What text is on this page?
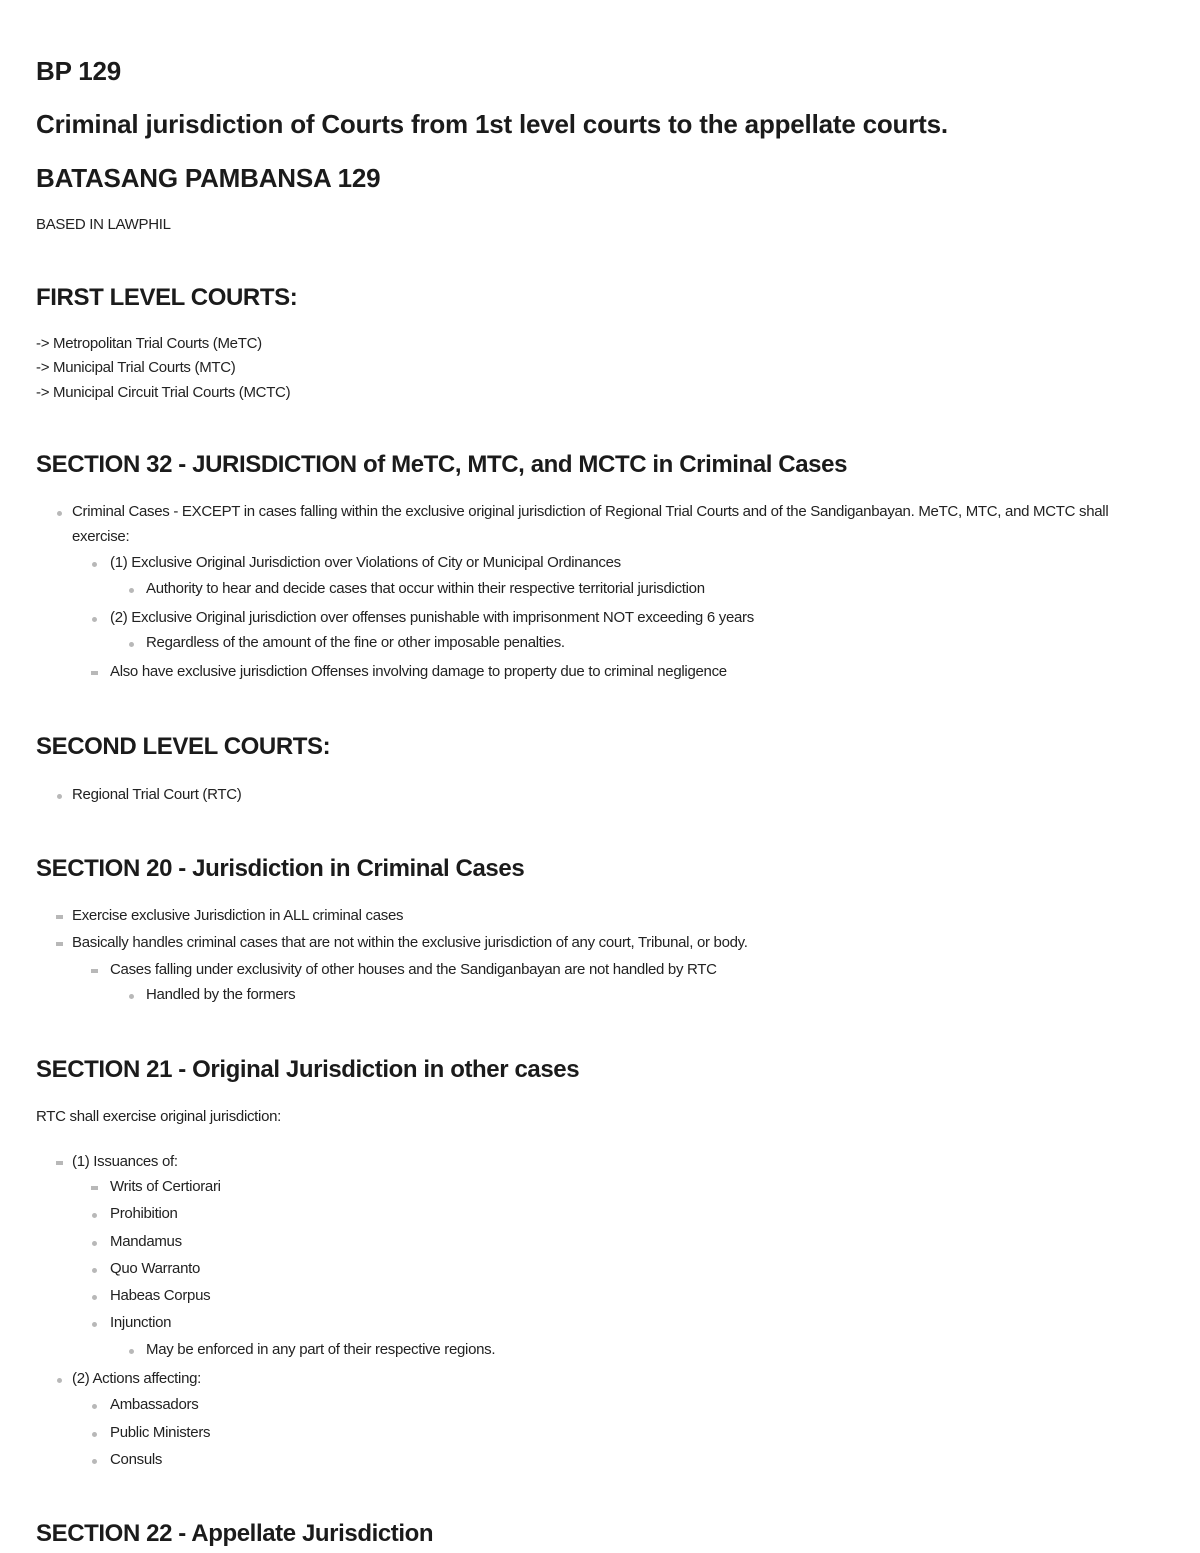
BP 129
Criminal jurisdiction of Courts from 1st level courts to the appellate courts.
BATASANG PAMBANSA 129
BASED IN LAWPHIL
FIRST LEVEL COURTS:
-> Metropolitan Trial Courts (MeTC)
-> Municipal Trial Courts (MTC)
-> Municipal Circuit Trial Courts (MCTC)
SECTION 32 - JURISDICTION of MeTC, MTC, and MCTC in Criminal Cases
Criminal Cases - EXCEPT in cases falling within the exclusive original jurisdiction of Regional Trial Courts and of the Sandiganbayan. MeTC, MTC, and MCTC shall exercise:
(1) Exclusive Original Jurisdiction over Violations of City or Municipal Ordinances
Authority to hear and decide cases that occur within their respective territorial jurisdiction
(2) Exclusive Original jurisdiction over offenses punishable with imprisonment NOT exceeding 6 years
Regardless of the amount of the fine or other imposable penalties.
Also have exclusive jurisdiction Offenses involving damage to property due to criminal negligence
SECOND LEVEL COURTS:
Regional Trial Court (RTC)
SECTION 20 - Jurisdiction in Criminal Cases
Exercise exclusive Jurisdiction in ALL criminal cases
Basically handles criminal cases that are not within the exclusive jurisdiction of any court, Tribunal, or body.
Cases falling under exclusivity of other houses and the Sandiganbayan are not handled by RTC
Handled by the formers
SECTION 21 - Original Jurisdiction in other cases
RTC shall exercise original jurisdiction:
(1) Issuances of:
Writs of Certiorari
Prohibition
Mandamus
Quo Warranto
Habeas Corpus
Injunction
May be enforced in any part of their respective regions.
(2) Actions affecting:
Ambassadors
Public Ministers
Consuls
SECTION 22 - Appellate Jurisdiction
